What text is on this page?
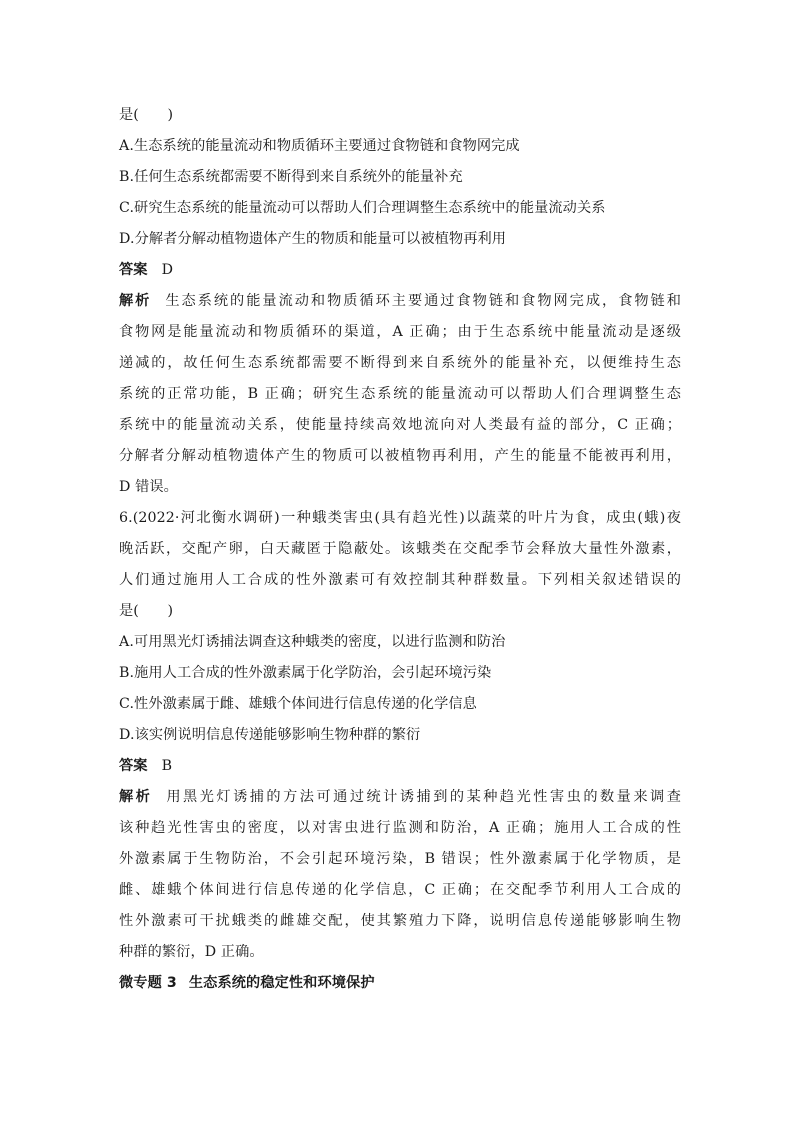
是(　　)
A.生态系统的能量流动和物质循环主要通过食物链和食物网完成
B.任何生态系统都需要不断得到来自系统外的能量补充
C.研究生态系统的能量流动可以帮助人们合理调整生态系统中的能量流动关系
D.分解者分解动植物遗体产生的物质和能量可以被植物再利用
答案 D
解析 生态系统的能量流动和物质循环主要通过食物链和食物网完成，食物链和
食物网是能量流动和物质循环的渠道，A 正确；由于生态系统中能量流动是逐级
递减的，故任何生态系统都需要不断得到来自系统外的能量补充，以便维持生态
系统的正常功能，B 正确；研究生态系统的能量流动可以帮助人们合理调整生态
系统中的能量流动关系，使能量持续高效地流向对人类最有益的部分，C 正确；
分解者分解动植物遗体产生的物质可以被植物再利用，产生的能量不能被再利用，
D 错误。
6.(2022·河北衡水调研)一种蛾类害虫(具有趋光性)以蔬菜的叶片为食，成虫(蛾)夜
晚活跃，交配产卵，白天藏匿于隐蔽处。该蛾类在交配季节会释放大量性外激素，
人们通过施用人工合成的性外激素可有效控制其种群数量。下列相关叙述错误的
是(　　)
A.可用黑光灯诱捕法调查这种蛾类的密度，以进行监测和防治
B.施用人工合成的性外激素属于化学防治，会引起环境污染
C.性外激素属于雌、雄蛾个体间进行信息传递的化学信息
D.该实例说明信息传递能够影响生物种群的繁衍
答案 B
解析 用黑光灯诱捕的方法可通过统计诱捕到的某种趋光性害虫的数量来调查
该种趋光性害虫的密度，以对害虫进行监测和防治，A 正确；施用人工合成的性
外激素属于生物防治，不会引起环境污染，B 错误；性外激素属于化学物质，是
雌、雄蛾个体间进行信息传递的化学信息，C 正确；在交配季节利用人工合成的
性外激素可干扰蛾类的雌雄交配，使其繁殖力下降，说明信息传递能够影响生物
种群的繁衍，D 正确。
微专题 3 生态系统的稳定性和环境保护
